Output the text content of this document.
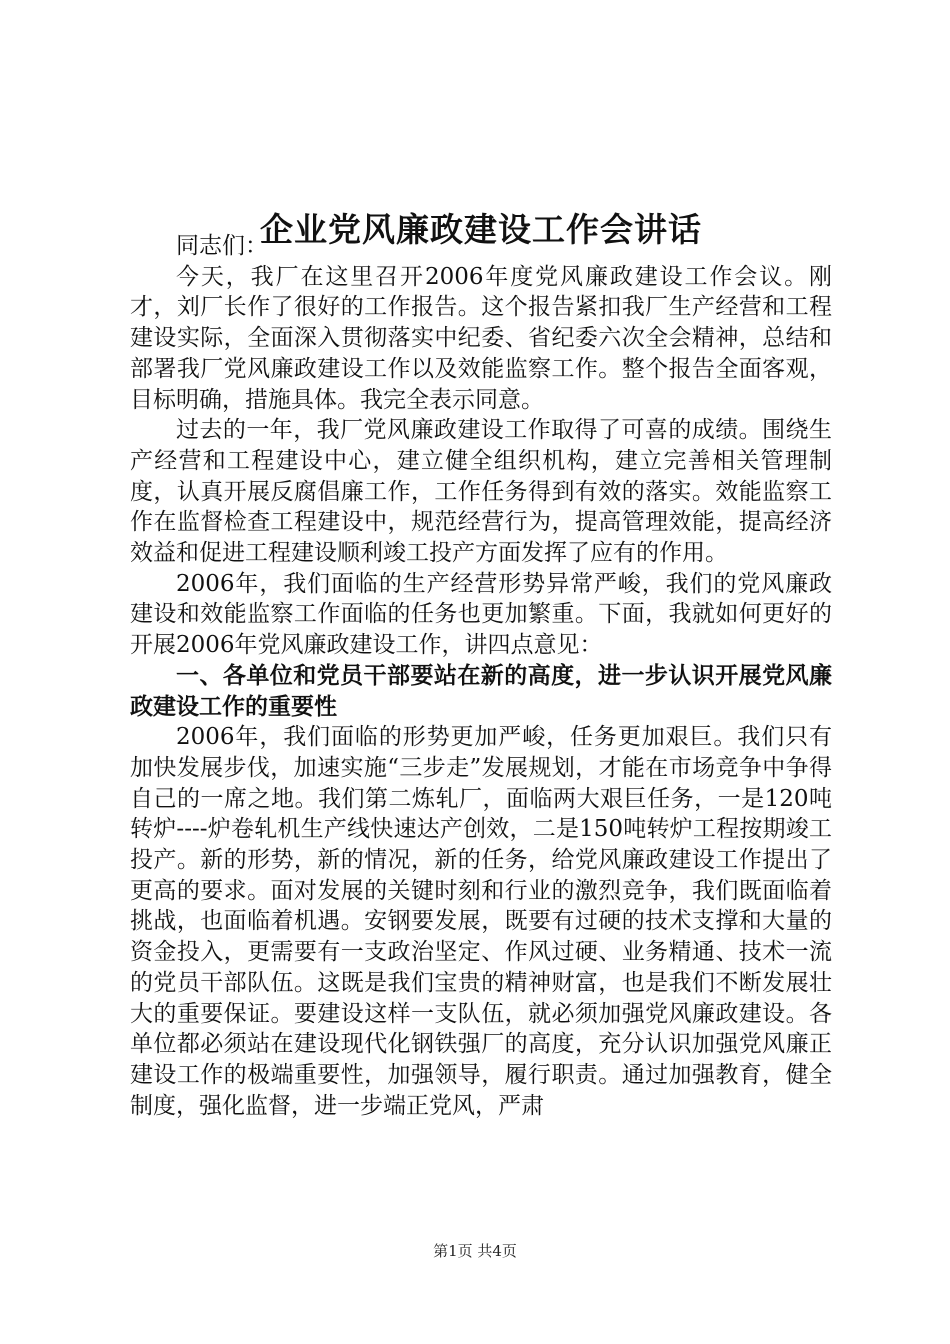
企业党风廉政建设工作会讲话

同志们：

今天，我厂在这里召开2006年度党风廉政建设工作会议。刚才，刘厂长作了很好的工作报告。这个报告紧扣我厂生产经营和工程建设实际，全面深入贯彻落实中纪委、省纪委六次全会精神，总结和部署我厂党风廉政建设工作以及效能监察工作。整个报告全面客观，目标明确，措施具体。我完全表示同意。

过去的一年，我厂党风廉政建设工作取得了可喜的成绩。围绕生产经营和工程建设中心，建立健全组织机构，建立完善相关管理制度，认真开展反腐倡廉工作，工作任务得到有效的落实。效能监察工作在监督检查工程建设中，规范经营行为，提高管理效能，提高经济效益和促进工程建设顺利竣工投产方面发挥了应有的作用。

2006年，我们面临的生产经营形势异常严峻，我们的党风廉政建设和效能监察工作面临的任务也更加繁重。下面，我就如何更好的开展2006年党风廉政建设工作，讲四点意见：

一、各单位和党员干部要站在新的高度，进一步认识开展党风廉政建设工作的重要性

2006年，我们面临的形势更加严峻，任务更加艰巨。我们只有加快发展步伐，加速实施“三步走”发展规划，才能在市场竞争中争得自己的一席之地。我们第二炼轧厂，面临两大艰巨任务，一是120吨转炉----炉卷轧机生产线快速达产创效，二是150吨转炉工程按期竣工投产。新的形势，新的情况，新的任务，给党风廉政建设工作提出了更高的要求。面对发展的关键时刻和行业的激烈竞争，我们既面临着挑战，也面临着机遇。安钢要发展，既要有过硬的技术支撑和大量的资金投入，更需要有一支政治坚定、作风过硬、业务精通、技术一流的党员干部队伍。这既是我们宝贵的精神财富，也是我们不断发展壮大的重要保证。要建设这样一支队伍，就必须加强党风廉政建设。各单位都必须站在建设现代化钢铁强厂的高度，充分认识加强党风廉正建设工作的极端重要性，加强领导，履行职责。通过加强教育，健全制度，强化监督，进一步端正党风，严肃

第1页 共4页
